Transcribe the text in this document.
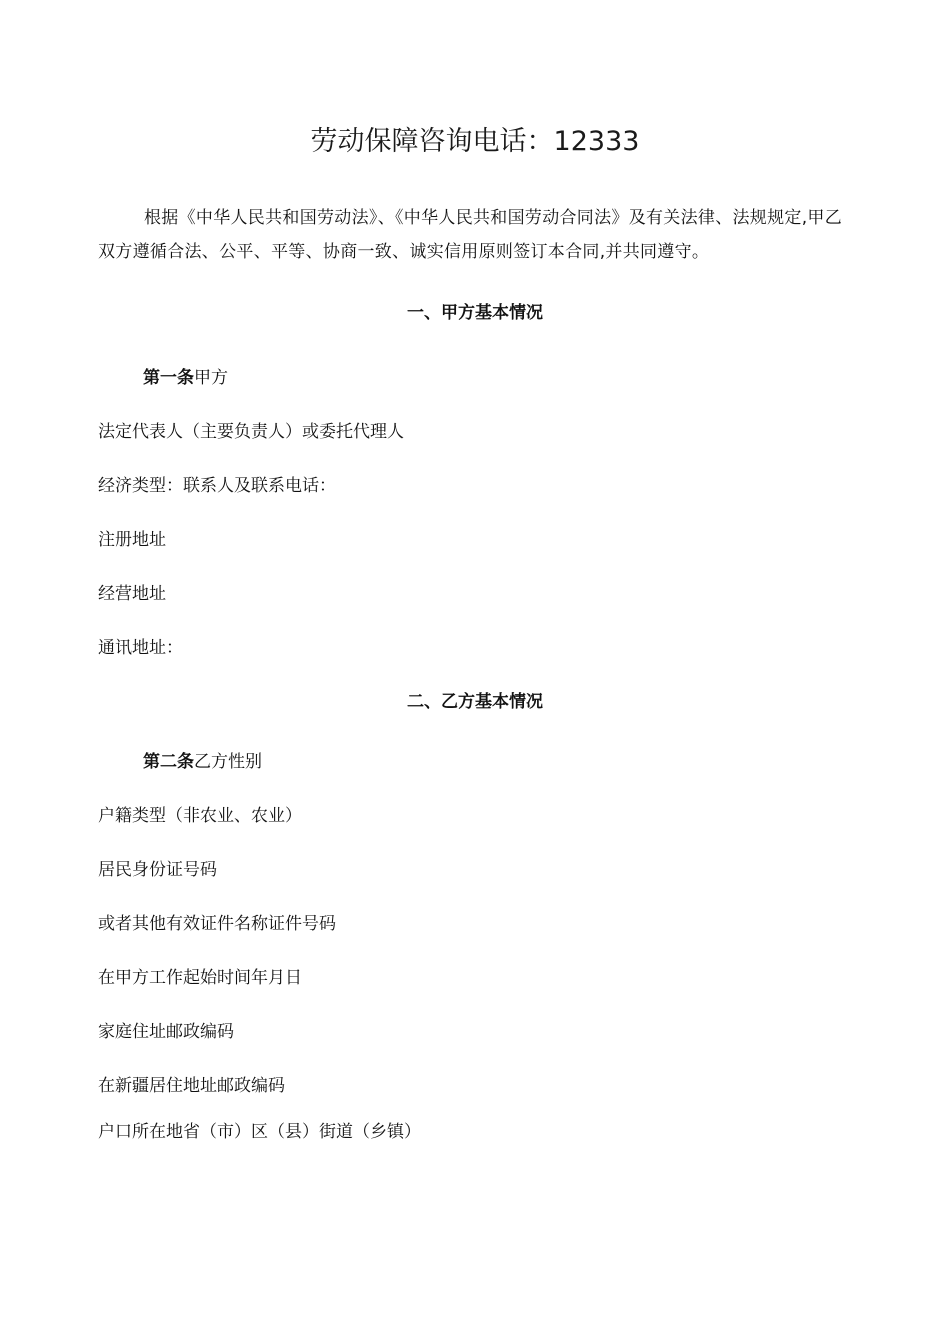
劳动保障咨询电话：12333
根据《中华人民共和国劳动法》、《中华人民共和国劳动合同法》及有关法律、法规规定,甲乙双方遵循合法、公平、平等、协商一致、诚实信用原则签订本合同,并共同遵守。
一、甲方基本情况
第一条甲方
法定代表人（主要负责人）或委托代理人
经济类型：联系人及联系电话：
注册地址
经营地址
通讯地址：
二、乙方基本情况
第二条乙方性别
户籍类型（非农业、农业）
居民身份证号码
或者其他有效证件名称证件号码
在甲方工作起始时间年月日
家庭住址邮政编码
在新疆居住地址邮政编码
户口所在地省（市）区（县）街道（乡镇）
